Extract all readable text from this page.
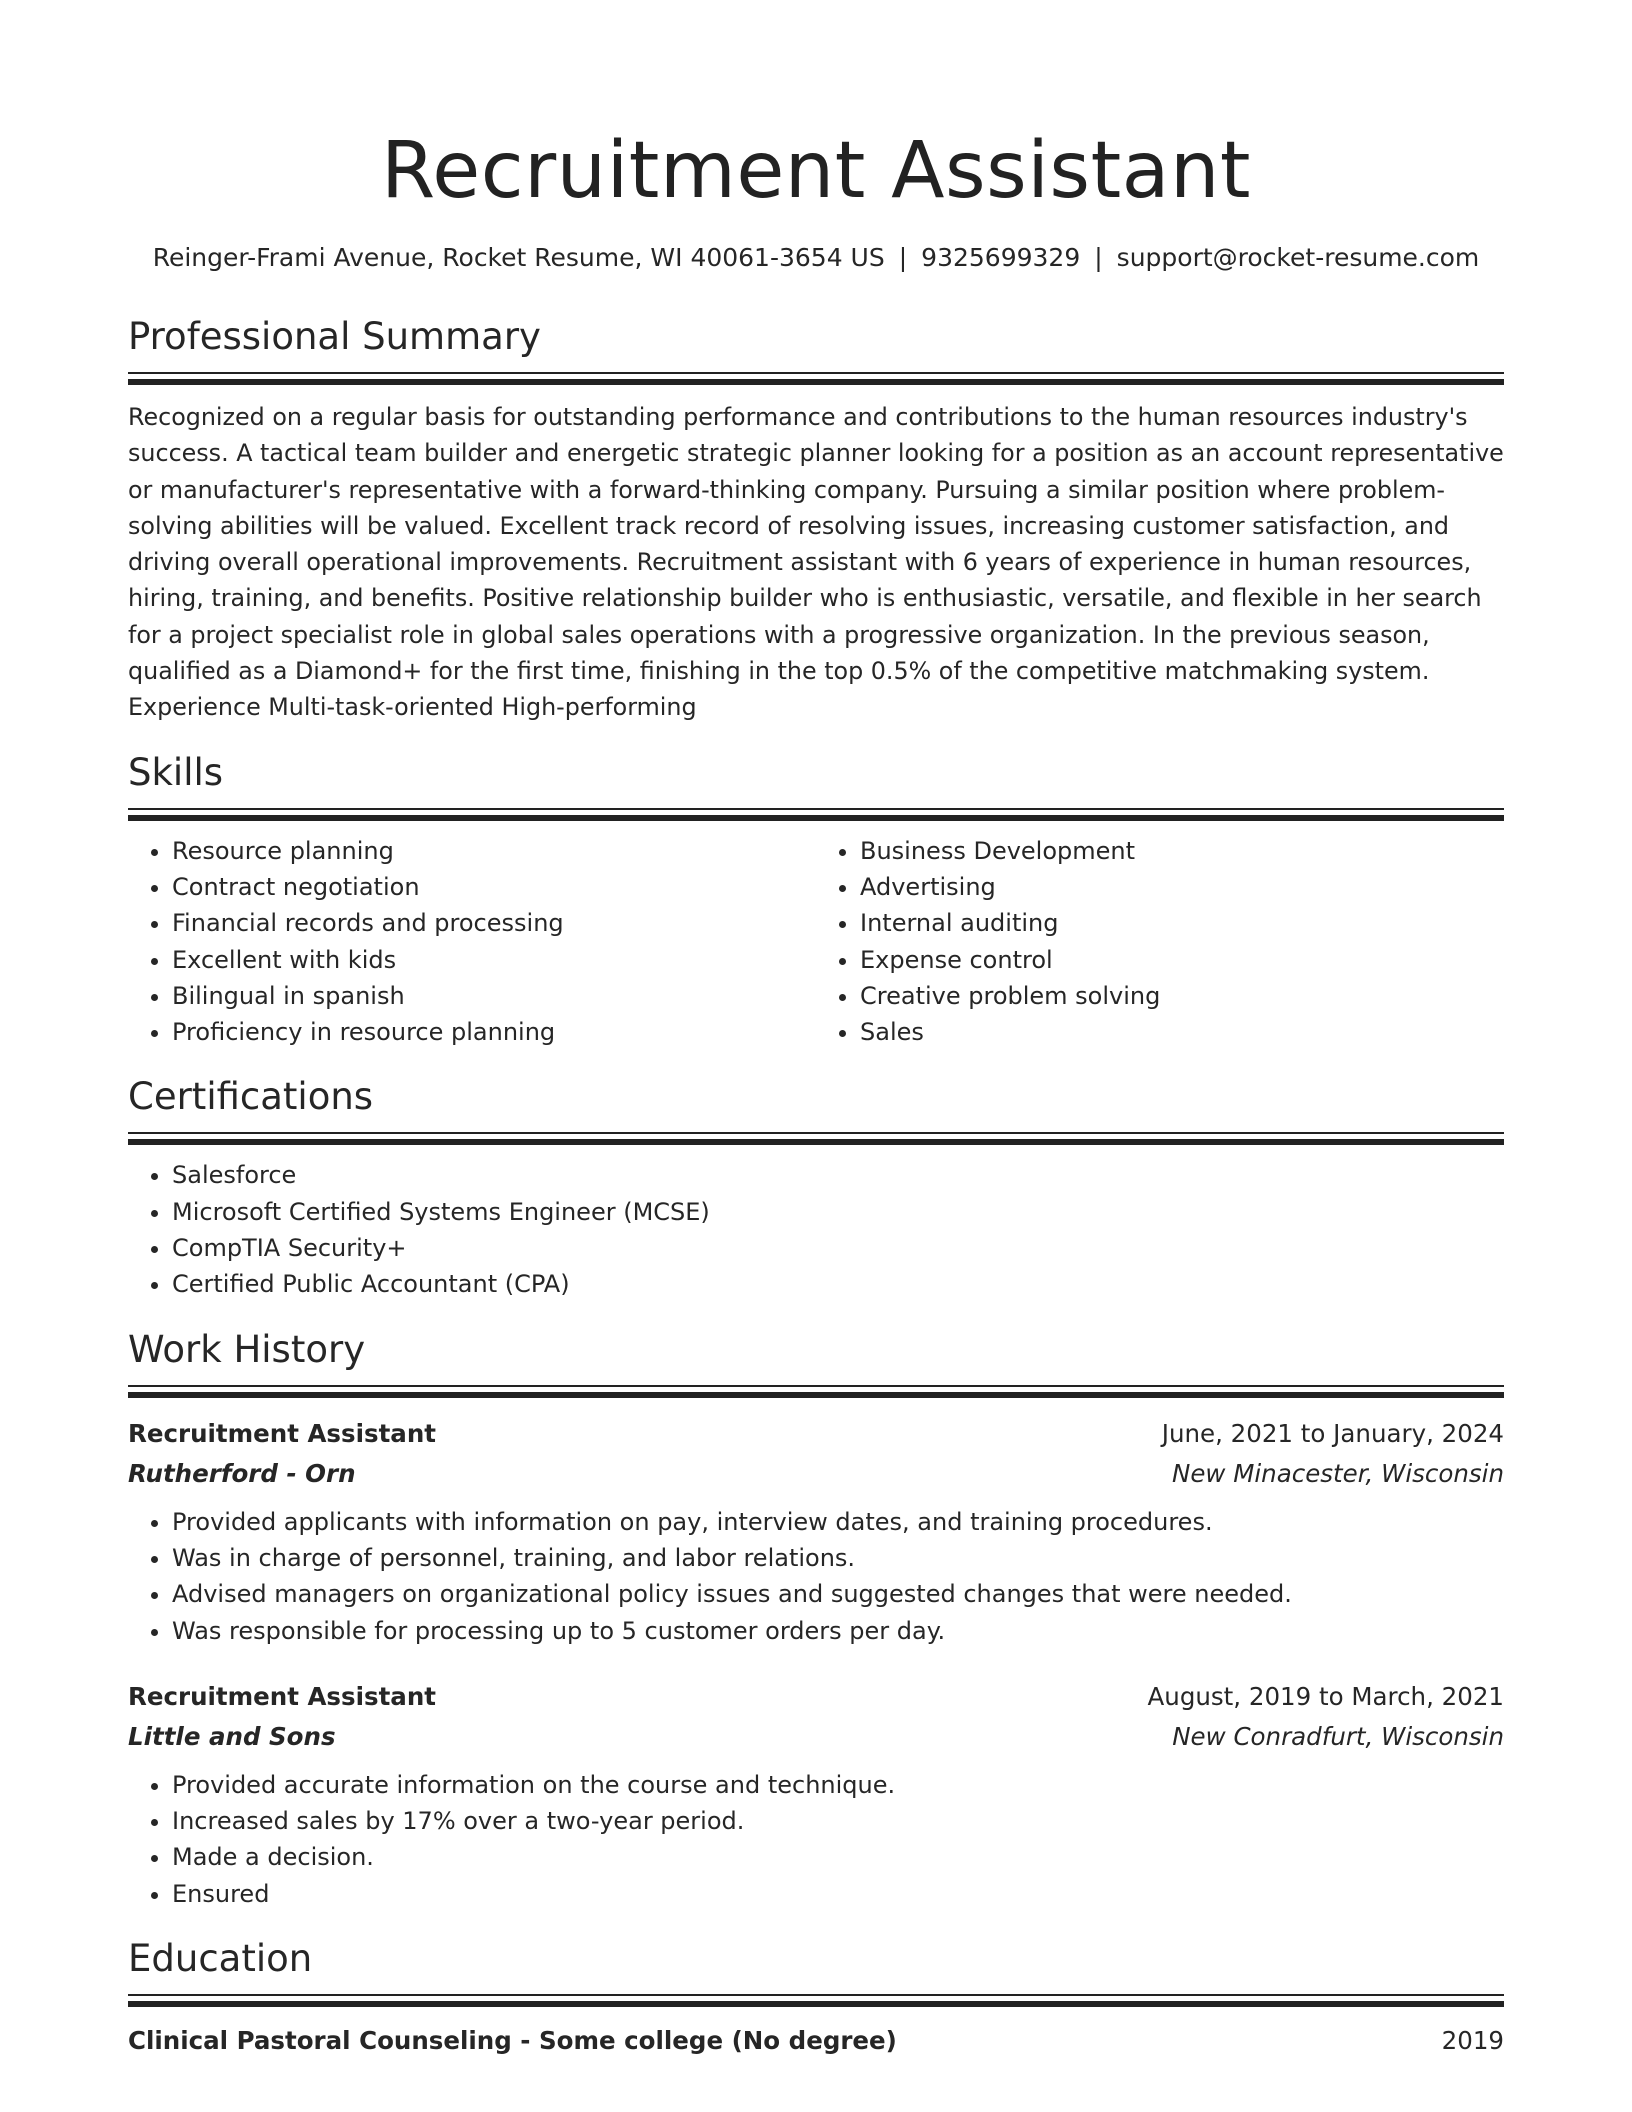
Recruitment Assistant
Reinger-Frami Avenue, Rocket Resume, WI 40061-3654 US | 9325699329 | support@rocket-resume.com
Professional Summary

Recognized on a regular basis for outstanding performance and contributions to the human resources industry's success. A tactical team builder and energetic strategic planner looking for a position as an account representative or manufacturer's representative with a forward-thinking company. Pursuing a similar position where problem-solving abilities will be valued. Excellent track record of resolving issues, increasing customer satisfaction, and driving overall operational improvements. Recruitment assistant with 6 years of experience in human resources, hiring, training, and benefits. Positive relationship builder who is enthusiastic, versatile, and flexible in her search for a project specialist role in global sales operations with a progressive organization. In the previous season, qualified as a Diamond+ for the first time, finishing in the top 0.5% of the competitive matchmaking system. Experience Multi-task-oriented High-performing

Skills
• Resource planning
• Contract negotiation
• Financial records and processing
• Excellent with kids
• Bilingual in spanish
• Proficiency in resource planning
• Business Development
• Advertising
• Internal auditing
• Expense control
• Creative problem solving
• Sales
Certifications
• Salesforce
• Microsoft Certified Systems Engineer (MCSE)
• CompTIA Security+
• Certified Public Accountant (CPA)
Work History
Recruitment Assistant	June, 2021 to January, 2024
Rutherford - Orn	New Minacester, Wisconsin
• Provided applicants with information on pay, interview dates, and training procedures.
• Was in charge of personnel, training, and labor relations.
• Advised managers on organizational policy issues and suggested changes that were needed.
• Was responsible for processing up to 5 customer orders per day.
Recruitment Assistant	August, 2019 to March, 2021
Little and Sons	New Conradfurt, Wisconsin
• Provided accurate information on the course and technique.
• Increased sales by 17% over a two-year period.
• Made a decision.
• Ensured
Education
Clinical Pastoral Counseling - Some college (No degree)	2019
